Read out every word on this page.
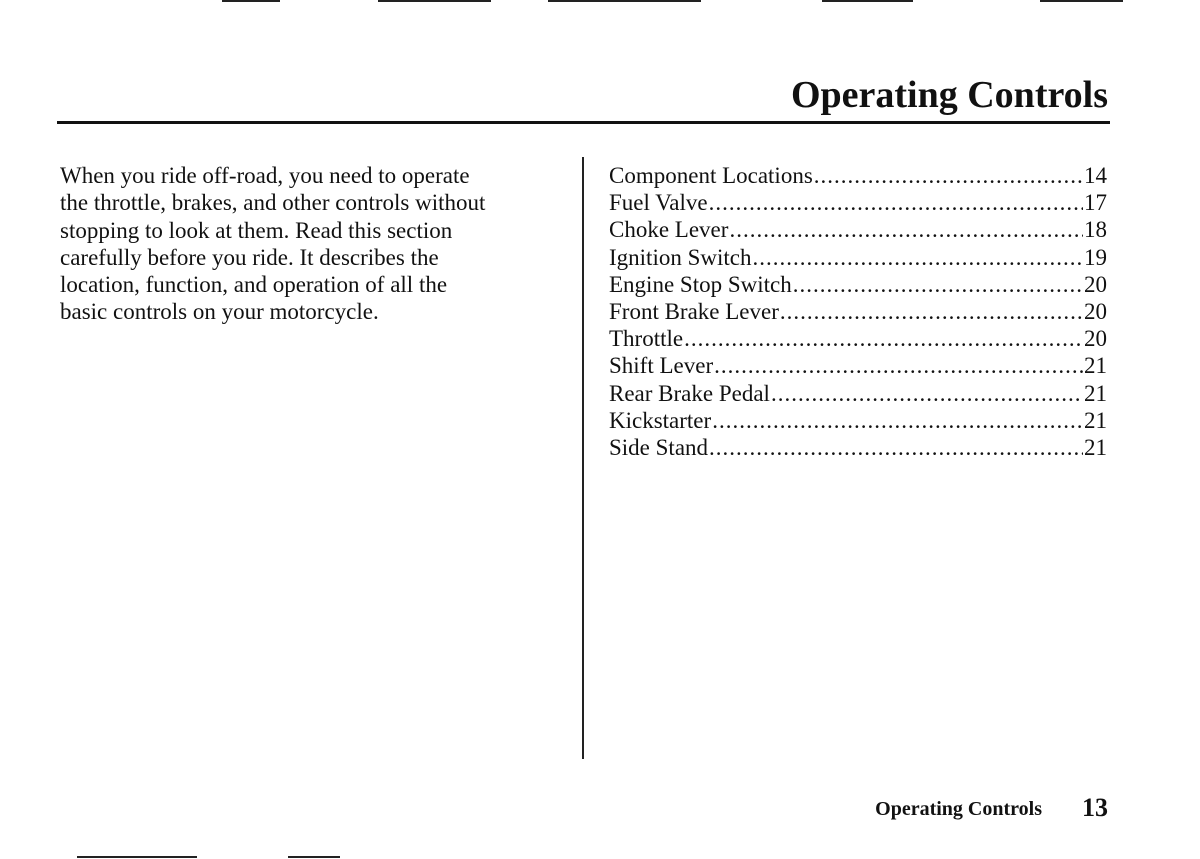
Operating Controls

When you ride off-road, you need to operate
the throttle, brakes, and other controls without
stopping to look at them. Read this section
carefully before you ride. It describes the
location, function, and operation of all the
basic controls on your motorcycle.

Component Locations .....	14
Fuel Valve .....	17
Choke Lever .....	18
Ignition Switch .....	19
Engine Stop Switch .....	20
Front Brake Lever .....	20
Throttle .....	20
Shift Lever .....	21
Rear Brake Pedal .....	21
Kickstarter .....	21
Side Stand .....	21
Operating Controls 13
